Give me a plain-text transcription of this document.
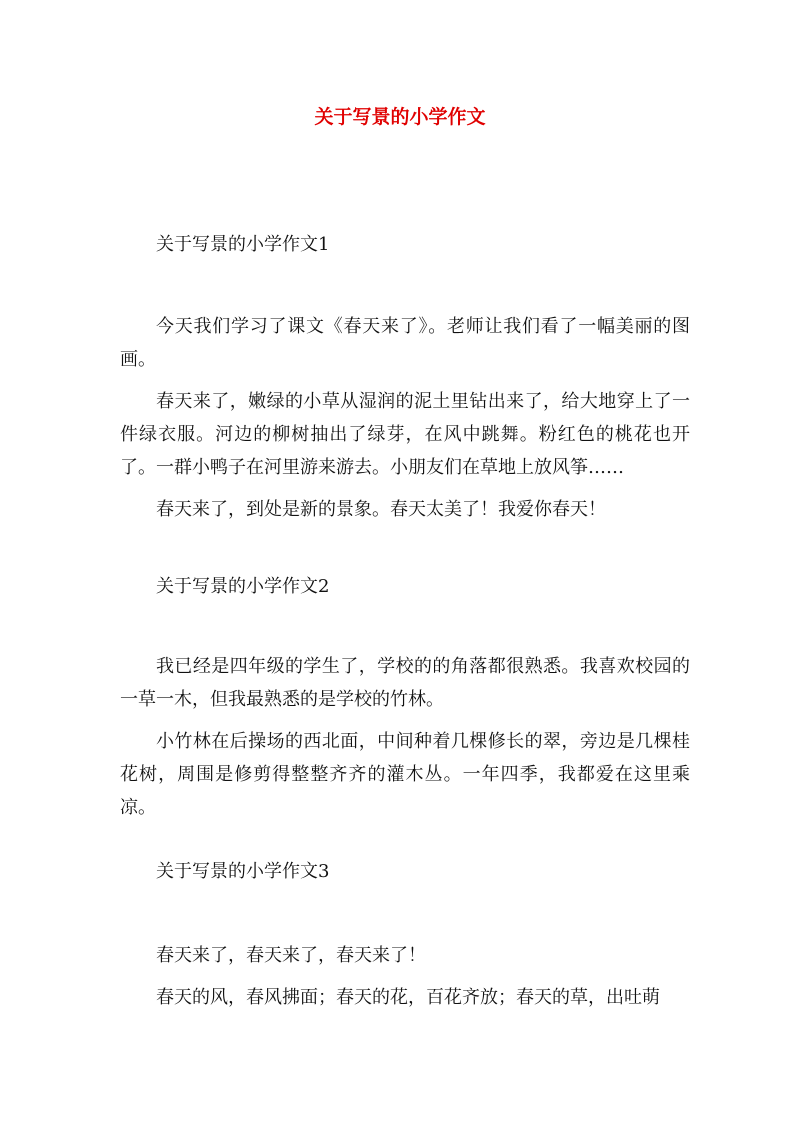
关于写景的小学作文
关于写景的小学作文1

今天我们学习了课文《春天来了》。老师让我们看了一幅美丽的图画。

春天来了，嫩绿的小草从湿润的泥土里钻出来了，给大地穿上了一件绿衣服。河边的柳树抽出了绿芽，在风中跳舞。粉红色的桃花也开了。一群小鸭子在河里游来游去。小朋友们在草地上放风筝……

春天来了，到处是新的景象。春天太美了！我爱你春天！

关于写景的小学作文2

我已经是四年级的学生了，学校的的角落都很熟悉。我喜欢校园的一草一木，但我最熟悉的是学校的竹林。

小竹林在后操场的西北面，中间种着几棵修长的翠，旁边是几棵桂花树，周围是修剪得整整齐齐的灌木丛。一年四季，我都爱在这里乘凉。

关于写景的小学作文3

春天来了，春天来了，春天来了！

春天的风，春风拂面；春天的花，百花齐放；春天的草，出吐萌
